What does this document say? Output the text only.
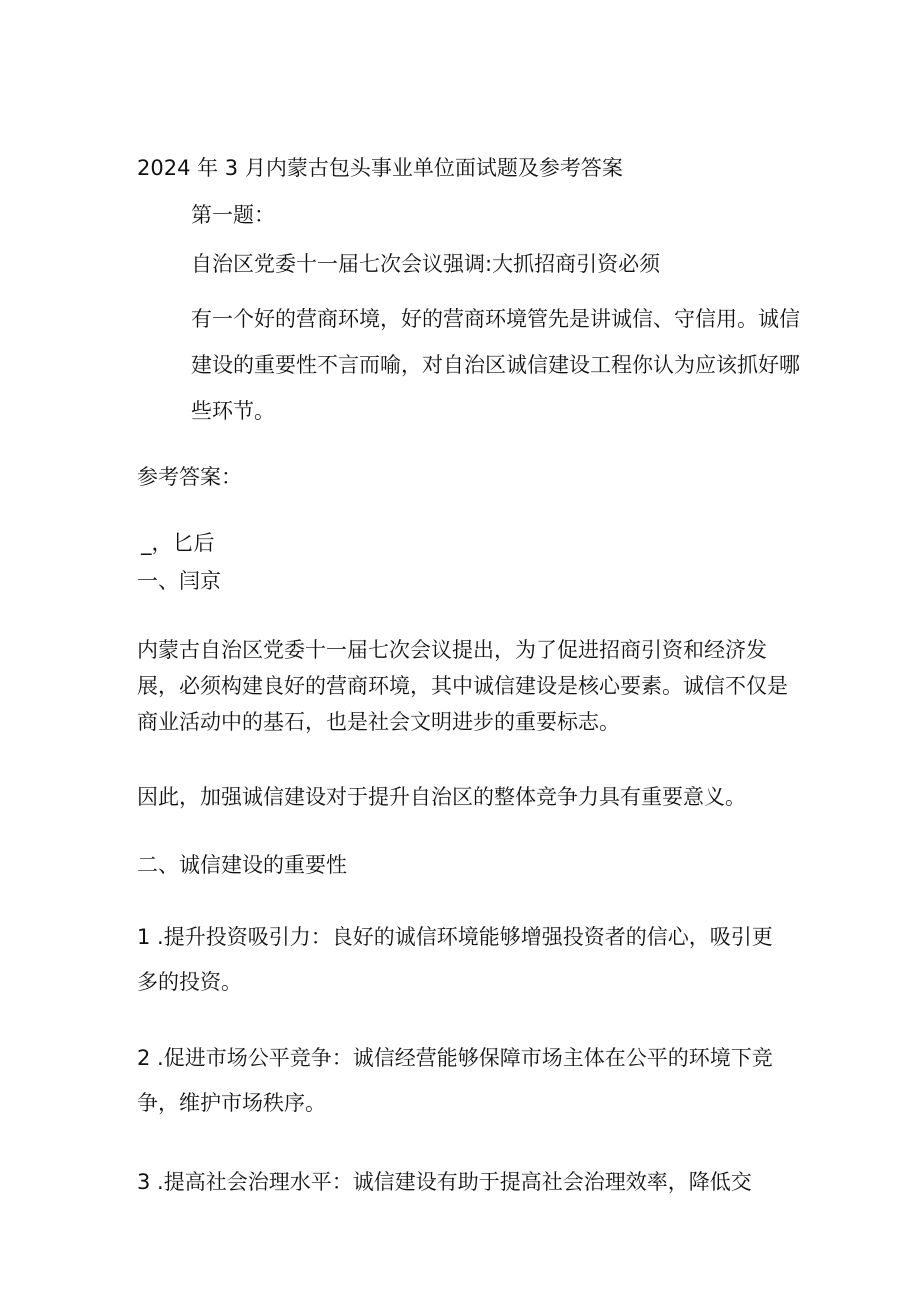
2024 年 3 月内蒙古包头事业单位面试题及参考答案
第一题：
自治区党委十一届七次会议强调:大抓招商引资必须
有一个好的营商环境，好的营商环境管先是讲诚信、守信用。诚信建设的重要性不言而喻，对自治区诚信建设工程你认为应该抓好哪些环节。
参考答案：
_，匕后
一、闫京
内蒙古自治区党委十一届七次会议提出，为了促进招商引资和经济发展，必须构建良好的营商环境，其中诚信建设是核心要素。诚信不仅是商业活动中的基石，也是社会文明进步的重要标志。
因此，加强诚信建设对于提升自治区的整体竞争力具有重要意义。
二、诚信建设的重要性
1 .提升投资吸引力：良好的诚信环境能够增强投资者的信心，吸引更多的投资。
2 .促进市场公平竞争：诚信经营能够保障市场主体在公平的环境下竞争，维护市场秩序。
3 .提高社会治理水平：诚信建设有助于提高社会治理效率，降低交
